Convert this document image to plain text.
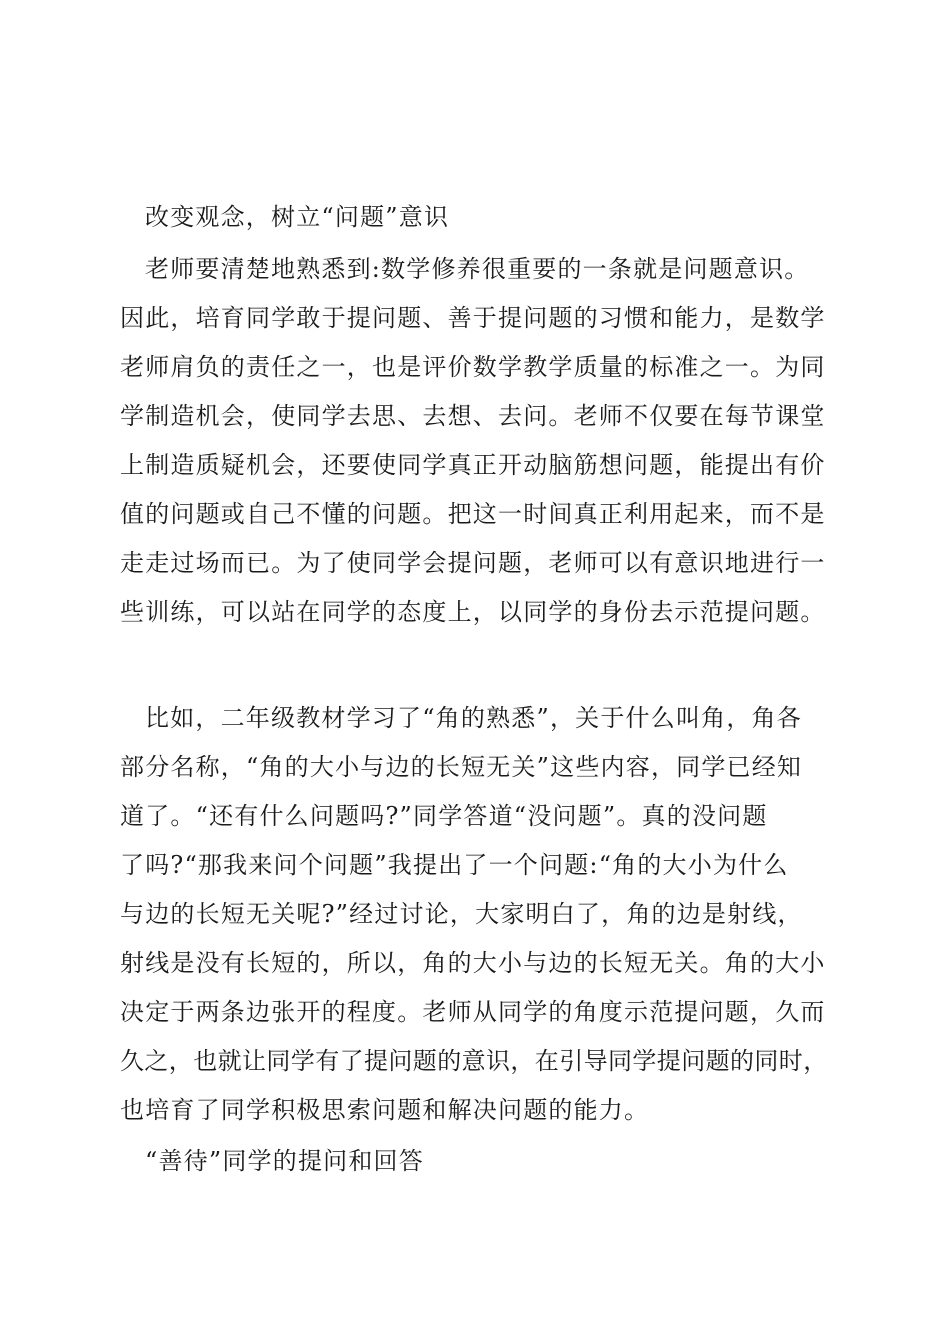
改变观念，树立“问题”意识
老师要清楚地熟悉到:数学修养很重要的一条就是问题意识。
因此，培育同学敢于提问题、善于提问题的习惯和能力，是数学
老师肩负的责任之一，也是评价数学教学质量的标准之一。为同
学制造机会，使同学去思、去想、去问。老师不仅要在每节课堂
上制造质疑机会，还要使同学真正开动脑筋想问题，能提出有价
值的问题或自己不懂的问题。把这一时间真正利用起来，而不是
走走过场而已。为了使同学会提问题，老师可以有意识地进行一
些训练，可以站在同学的态度上，以同学的身份去示范提问题。
比如，二年级教材学习了“角的熟悉”，关于什么叫角，角各
部分名称，“角的大小与边的长短无关”这些内容，同学已经知
道了。“还有什么问题吗?”同学答道“没问题”。真的没问题
了吗?“那我来问个问题”我提出了一个问题:“角的大小为什么
与边的长短无关呢?”经过讨论，大家明白了，角的边是射线，
射线是没有长短的，所以，角的大小与边的长短无关。角的大小
决定于两条边张开的程度。老师从同学的角度示范提问题，久而
久之，也就让同学有了提问题的意识，在引导同学提问题的同时，
也培育了同学积极思索问题和解决问题的能力。
“善待”同学的提问和回答
